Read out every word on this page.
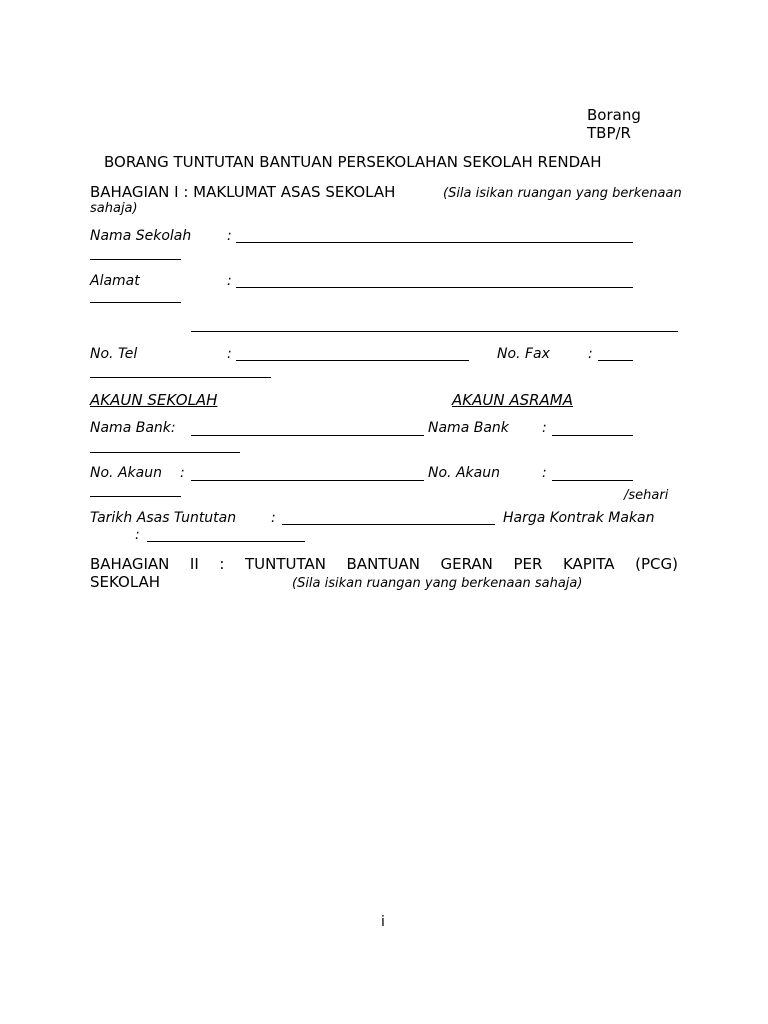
Borang
TBP/R
BORANG TUNTUTAN BANTUAN PERSEKOLAHAN SEKOLAH RENDAH
BAHAGIAN I : MAKLUMAT ASAS SEKOLAH	(Sila isikan ruangan yang berkenaan
sahaja)
Nama Sekolah	:
Alamat	:
No. Tel	:	No. Fax	:
AKAUN SEKOLAH	AKAUN ASRAMA
Nama Bank:	Nama Bank :
No. Akaun :	No. Akaun	:
/sehari
Tarikh Asas Tuntutan :	Harga Kontrak Makan
:
BAHAGIAN II : TUNTUTAN BANTUAN GERAN PER KAPITA (PCG)
SEKOLAH	(Sila isikan ruangan yang berkenaan sahaja)
i
